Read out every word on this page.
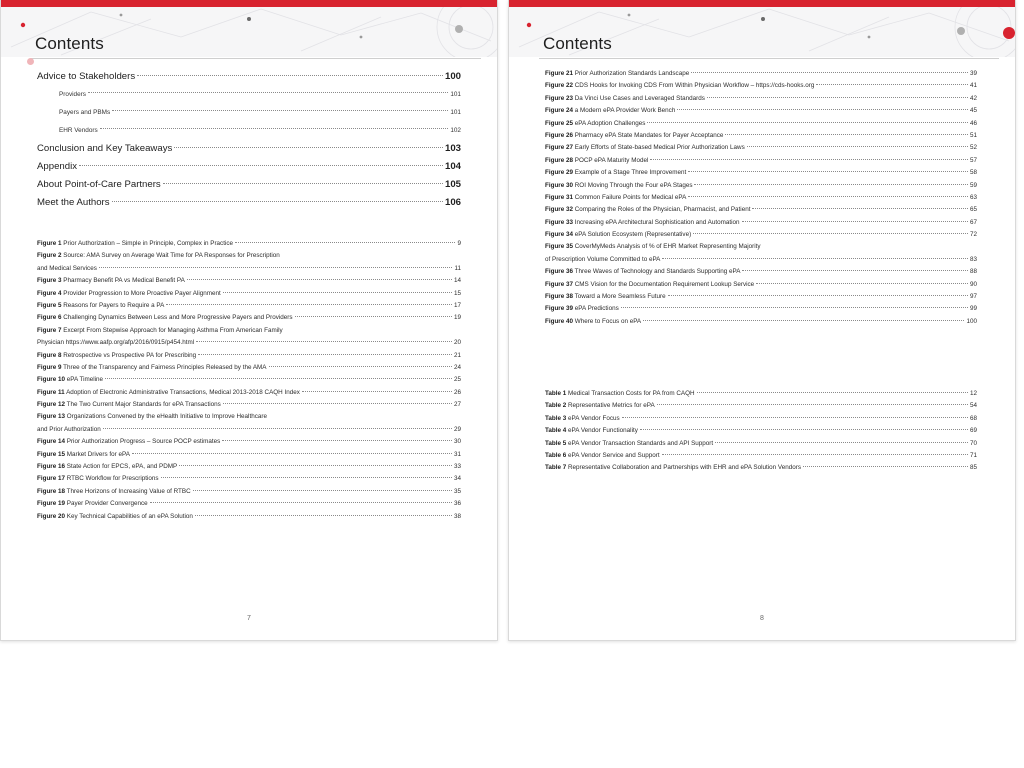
Contents
Advice to Stakeholders	100
Providers	101
Payers and PBMs	101
EHR Vendors	102
Conclusion and Key Takeaways	103
Appendix	104
About Point-of-Care Partners	105
Meet the Authors	106
Figure 1 Prior Authorization – Simple in Principle, Complex in Practice	9
Figure 2 Source: AMA Survey on Average Wait Time for PA Responses for Prescription
and Medical Services	11
Figure 3 Pharmacy Benefit PA vs Medical Benefit PA	14
Figure 4 Provider Progression to More Proactive Payer Alignment	15
Figure 5 Reasons for Payers to Require a PA	17
Figure 6 Challenging Dynamics Between Less and More Progressive Payers and Providers	19
Figure 7 Excerpt From Stepwise Approach for Managing Asthma From American Family
Physician https://www.aafp.org/afp/2016/0915/p454.html	20
Figure 8 Retrospective vs Prospective PA for Prescribing	21
Figure 9 Three of the Transparency and Fairness Principles Released by the AMA	24
Figure 10 ePA Timeline	25
Figure 11 Adoption of Electronic Administrative Transactions, Medical 2013-2018 CAQH Index	26
Figure 12 The Two Current Major Standards for ePA Transactions	27
Figure 13 Organizations Convened by the eHealth Initiative to Improve Healthcare
and Prior Authorization	29
Figure 14 Prior Authorization Progress – Source POCP estimates	30
Figure 15 Market Drivers for ePA	31
Figure 16 State Action for EPCS, ePA, and PDMP	33
Figure 17 RTBC Workflow for Prescriptions	34
Figure 18 Three Horizons of Increasing Value of RTBC	35
Figure 19 Payer Provider Convergence	36
Figure 20 Key Technical Capabilities of an ePA Solution	38
7
Contents
Figure 21 Prior Authorization Standards Landscape	39
Figure 22 CDS Hooks for Invoking CDS From Within Physician Workflow – https://cds-hooks.org	41
Figure 23 Da Vinci Use Cases and Leveraged Standards	42
Figure 24 a Modern ePA Provider Work Bench	45
Figure 25 ePA Adoption Challenges	46
Figure 26 Pharmacy ePA State Mandates for Payer Acceptance	51
Figure 27 Early Efforts of State-based Medical Prior Authorization Laws	52
Figure 28 POCP ePA Maturity Model	57
Figure 29 Example of a Stage Three Improvement	58
Figure 30 ROI Moving Through the Four ePA Stages	59
Figure 31 Common Failure Points for Medical ePA	63
Figure 32 Comparing the Roles of the Physician, Pharmacist, and Patient	65
Figure 33 Increasing ePA Architectural Sophistication and Automation	67
Figure 34 ePA Solution Ecosystem (Representative)	72
Figure 35 CoverMyMeds Analysis of % of EHR Market Representing Majority
of Prescription Volume Committed to ePA	83
Figure 36 Three Waves of Technology and Standards Supporting ePA	88
Figure 37 CMS Vision for the Documentation Requirement Lookup Service	90
Figure 38 Toward a More Seamless Future	97
Figure 39 ePA Predictions	99
Figure 40 Where to Focus on ePA	100
Table 1 Medical Transaction Costs for PA from CAQH	12
Table 2 Representative Metrics for ePA	54
Table 3 ePA Vendor Focus	68
Table 4 ePA Vendor Functionality	69
Table 5 ePA Vendor Transaction Standards and API Support	70
Table 6 ePA Vendor Service and Support	71
Table 7 Representative Collaboration and Partnerships with EHR and ePA Solution Vendors	85
8
